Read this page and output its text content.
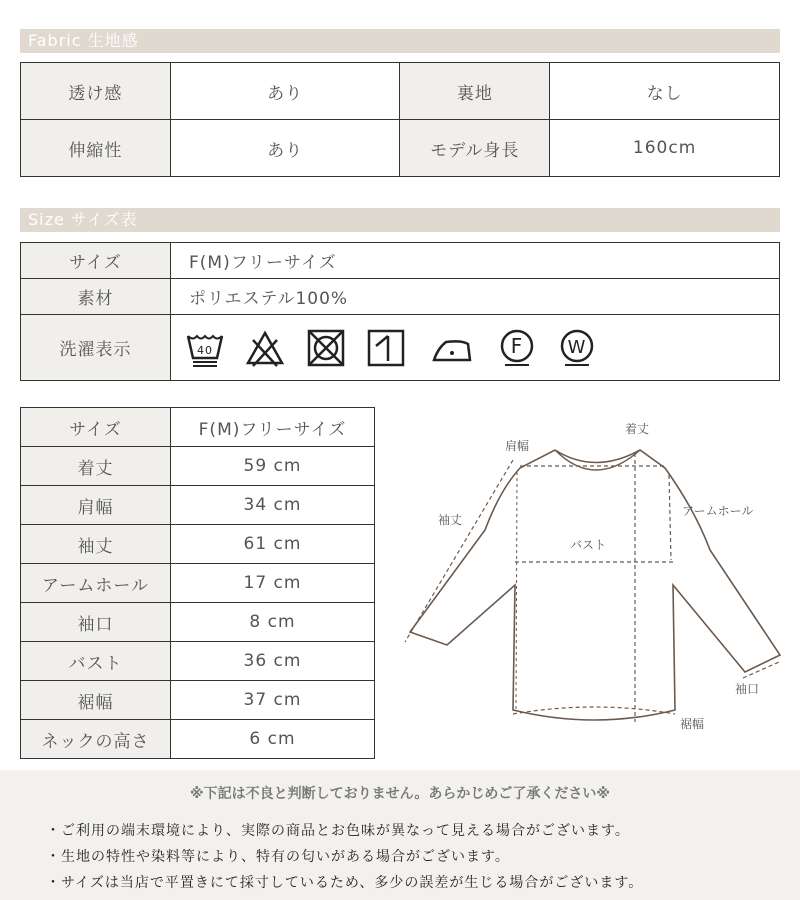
Fabric 生地感
透け感	あり	裏地	なし
伸縮性	あり	モデル身長	160cm
Size サイズ表
サイズ	F(M)フリーサイズ
素材	ポリエステル100%
洗濯表示	40
F
W
サイズ	F(M)フリーサイズ
着丈	59 cm
肩幅	34 cm
袖丈	61 cm
アームホール	17 cm
袖口	8 cm
バスト	36 cm
裾幅	37 cm
ネックの高さ	6 cm
着丈
肩幅
袖丈
アームホール
バスト
袖口
裾幅
※下記は不良と判断しておりません。あらかじめご了承ください※
・ご利用の端末環境により、実際の商品とお色味が異なって見える場合がございます。
・生地の特性や染料等により、特有の匂いがある場合がございます。
・サイズは当店で平置きにて採寸しているため、多少の誤差が生じる場合がございます。
